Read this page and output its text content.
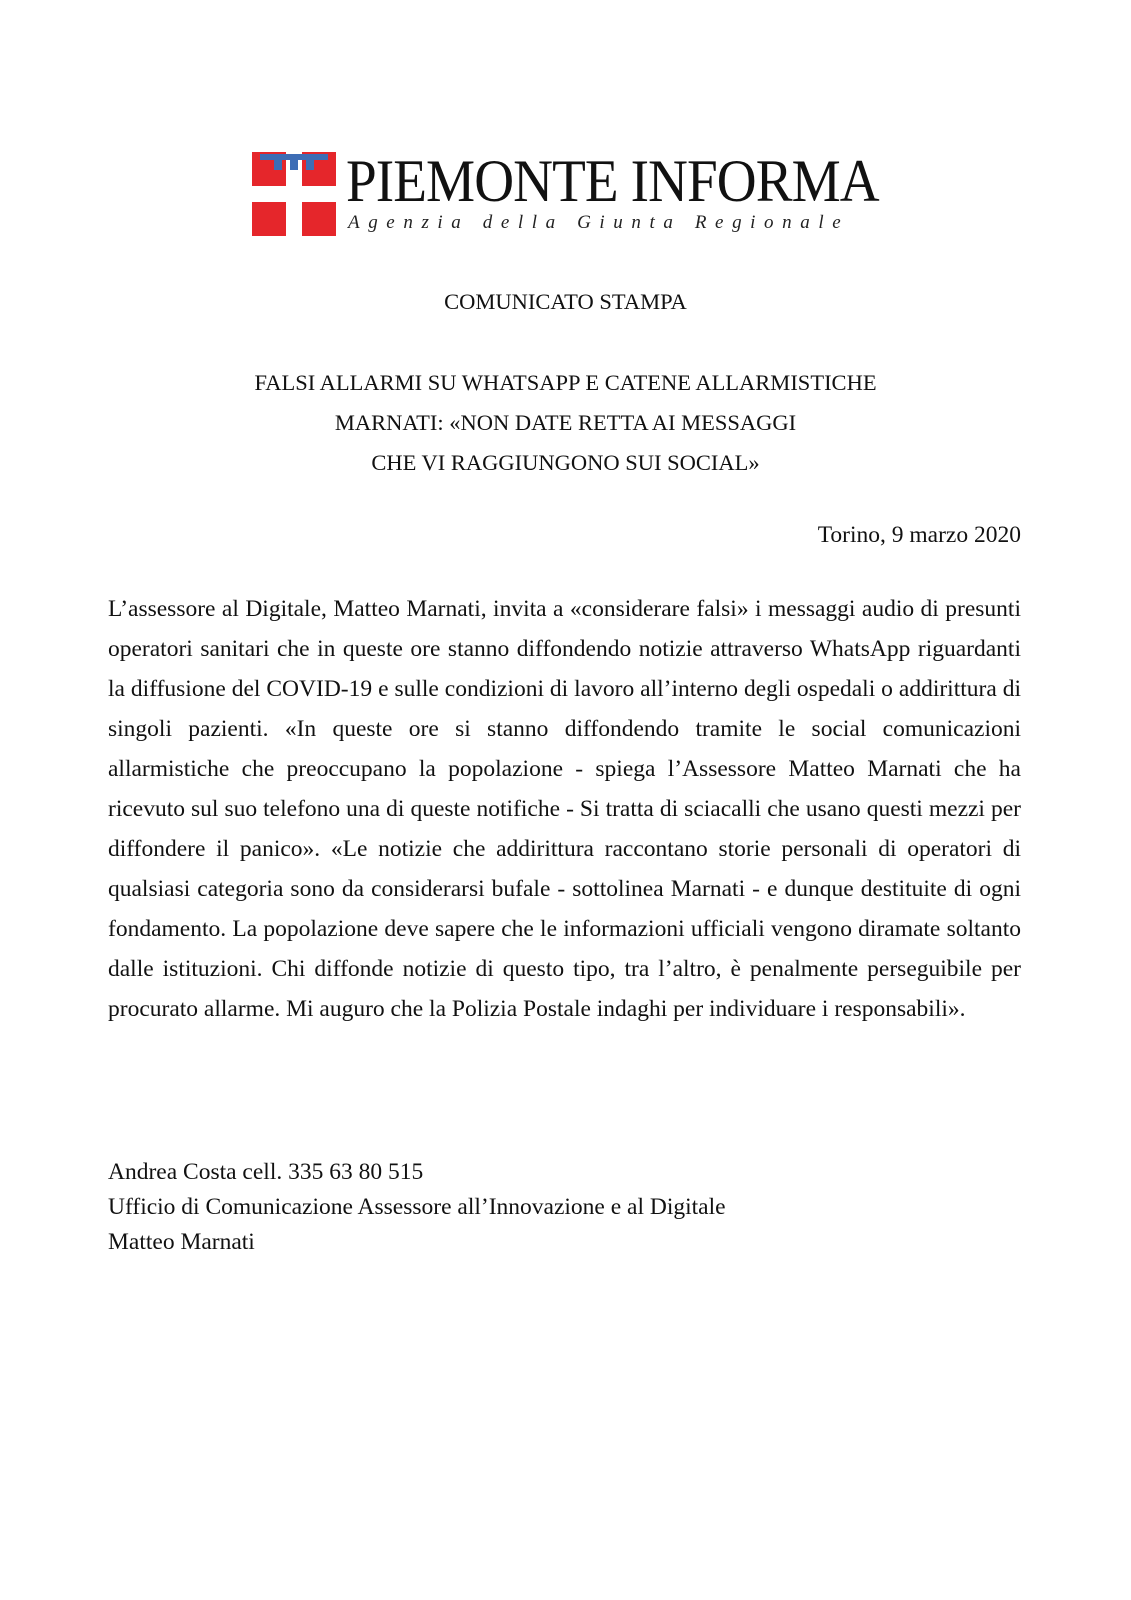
PIEMONTE INFORMA
Agenzia della Giunta Regionale
COMUNICATO STAMPA
FALSI ALLARMI SU WHATSAPP E CATENE ALLARMISTICHE
MARNATI: «NON DATE RETTA AI MESSAGGI
CHE VI RAGGIUNGONO SUI SOCIAL»
Torino, 9 marzo 2020
L’assessore al Digitale, Matteo Marnati, invita a «considerare falsi» i messaggi audio di presunti operatori sanitari che in queste ore stanno diffondendo notizie attraverso WhatsApp riguardanti la diffusione del COVID-19 e sulle condizioni di lavoro all’interno degli ospedali o addirittura di singoli pazienti. «In queste ore si stanno diffondendo tramite le social comunicazioni allarmistiche che preoccupano la popolazione - spiega l’Assessore Matteo Marnati che ha ricevuto sul suo telefono una di queste notifiche - Si tratta di sciacalli che usano questi mezzi per diffondere il panico». «Le notizie che addirittura raccontano storie personali di operatori di qualsiasi categoria sono da considerarsi bufale - sottolinea Marnati - e dunque destituite di ogni fondamento. La popolazione deve sapere che le informazioni ufficiali vengono diramate soltanto dalle istituzioni. Chi diffonde notizie di questo tipo, tra l’altro, è penalmente perseguibile per procurato allarme. Mi auguro che la Polizia Postale indaghi per individuare i responsabili».
Andrea Costa cell. 335 63 80 515
Ufficio di Comunicazione Assessore all’Innovazione e al Digitale
Matteo Marnati
